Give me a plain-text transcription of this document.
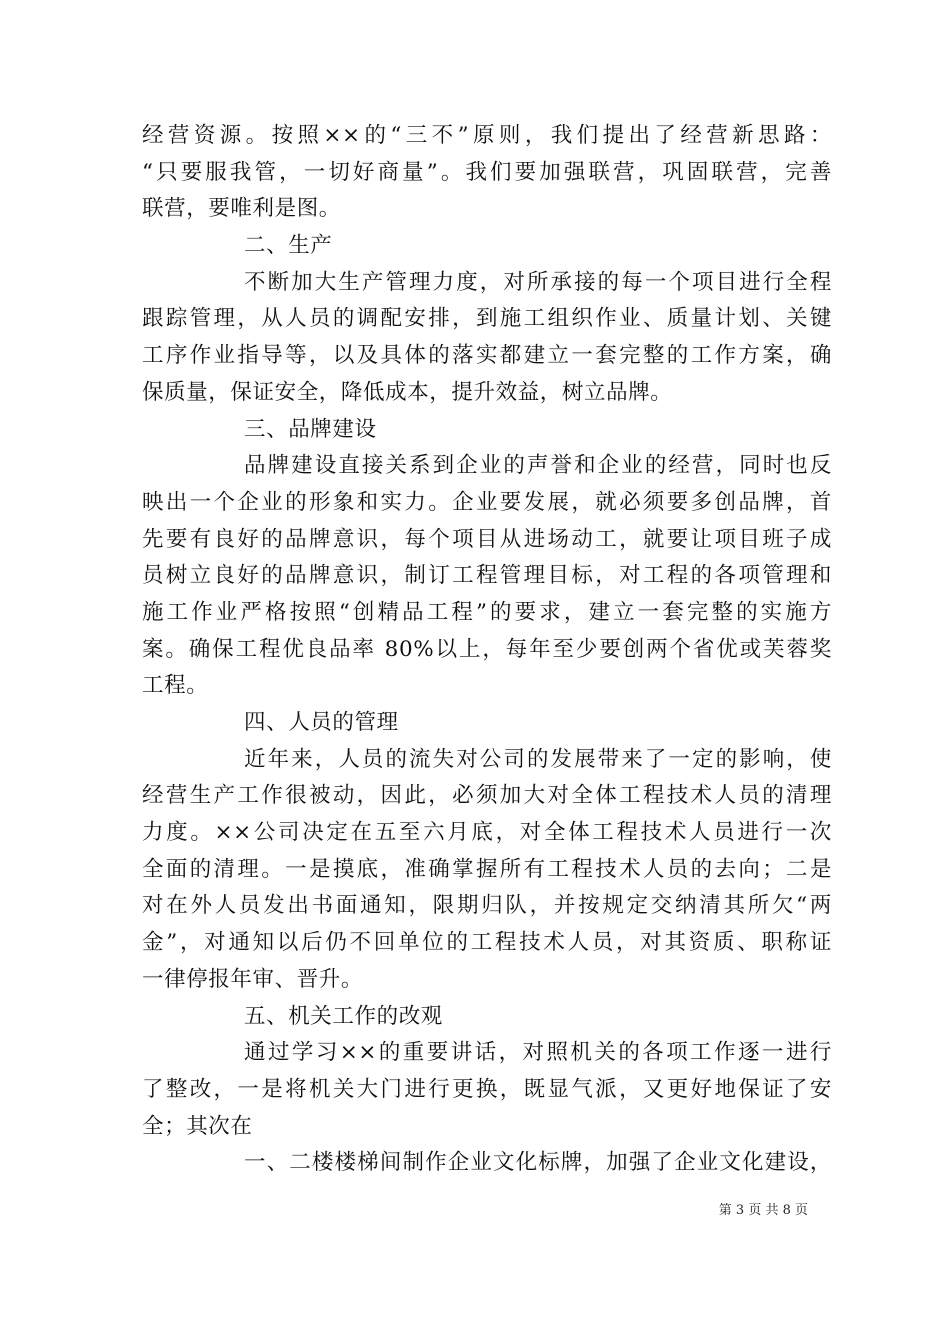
经营资源。按照××的“三不”原则，我们提出了经营新思路：
“只要服我管，一切好商量”。我们要加强联营，巩固联营，完善
联营，要唯利是图。
二、生产
不断加大生产管理力度，对所承接的每一个项目进行全程
跟踪管理，从人员的调配安排，到施工组织作业、质量计划、关键
工序作业指导等，以及具体的落实都建立一套完整的工作方案，确
保质量，保证安全，降低成本，提升效益，树立品牌。
三、品牌建设
品牌建设直接关系到企业的声誉和企业的经营，同时也反
映出一个企业的形象和实力。企业要发展，就必须要多创品牌，首
先要有良好的品牌意识，每个项目从进场动工，就要让项目班子成
员树立良好的品牌意识，制订工程管理目标，对工程的各项管理和
施工作业严格按照“创精品工程”的要求，建立一套完整的实施方
案。确保工程优良品率 80%以上，每年至少要创两个省优或芙蓉奖
工程。
四、人员的管理
近年来，人员的流失对公司的发展带来了一定的影响，使
经营生产工作很被动，因此，必须加大对全体工程技术人员的清理
力度。××公司决定在五至六月底，对全体工程技术人员进行一次
全面的清理。一是摸底，准确掌握所有工程技术人员的去向；二是
对在外人员发出书面通知，限期归队，并按规定交纳清其所欠“两
金”，对通知以后仍不回单位的工程技术人员，对其资质、职称证
一律停报年审、晋升。
五、机关工作的改观
通过学习××的重要讲话，对照机关的各项工作逐一进行
了整改，一是将机关大门进行更换，既显气派，又更好地保证了安
全；其次在
一、二楼楼梯间制作企业文化标牌，加强了企业文化建设，
第 3 页 共 8 页
